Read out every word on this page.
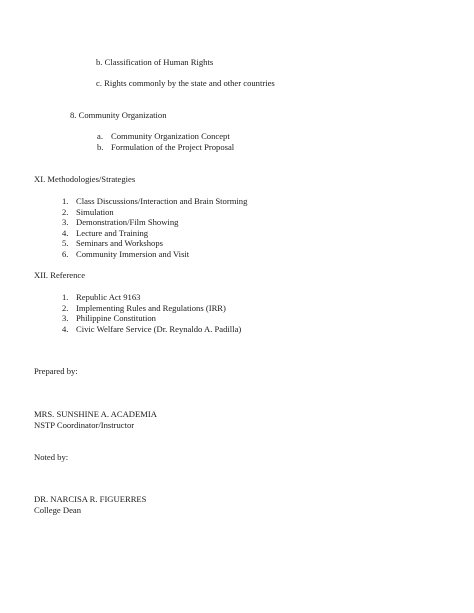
b. Classification of Human Rights
c. Rights commonly by the state and other countries
8. Community Organization
a. Community Organization Concept
b. Formulation of the Project Proposal
XI. Methodologies/Strategies
1. Class Discussions/Interaction and Brain Storming
2. Simulation
3. Demonstration/Film Showing
4. Lecture and Training
5. Seminars and Workshops
6. Community Immersion and Visit
XII. Reference
1. Republic Act 9163
2. Implementing Rules and Regulations (IRR)
3. Philippine Constitution
4. Civic Welfare Service (Dr. Reynaldo A. Padilla)
Prepared by:
MRS. SUNSHINE A. ACADEMIA
NSTP Coordinator/Instructor
Noted by:
DR. NARCISA R. FIGUERRES
College Dean
